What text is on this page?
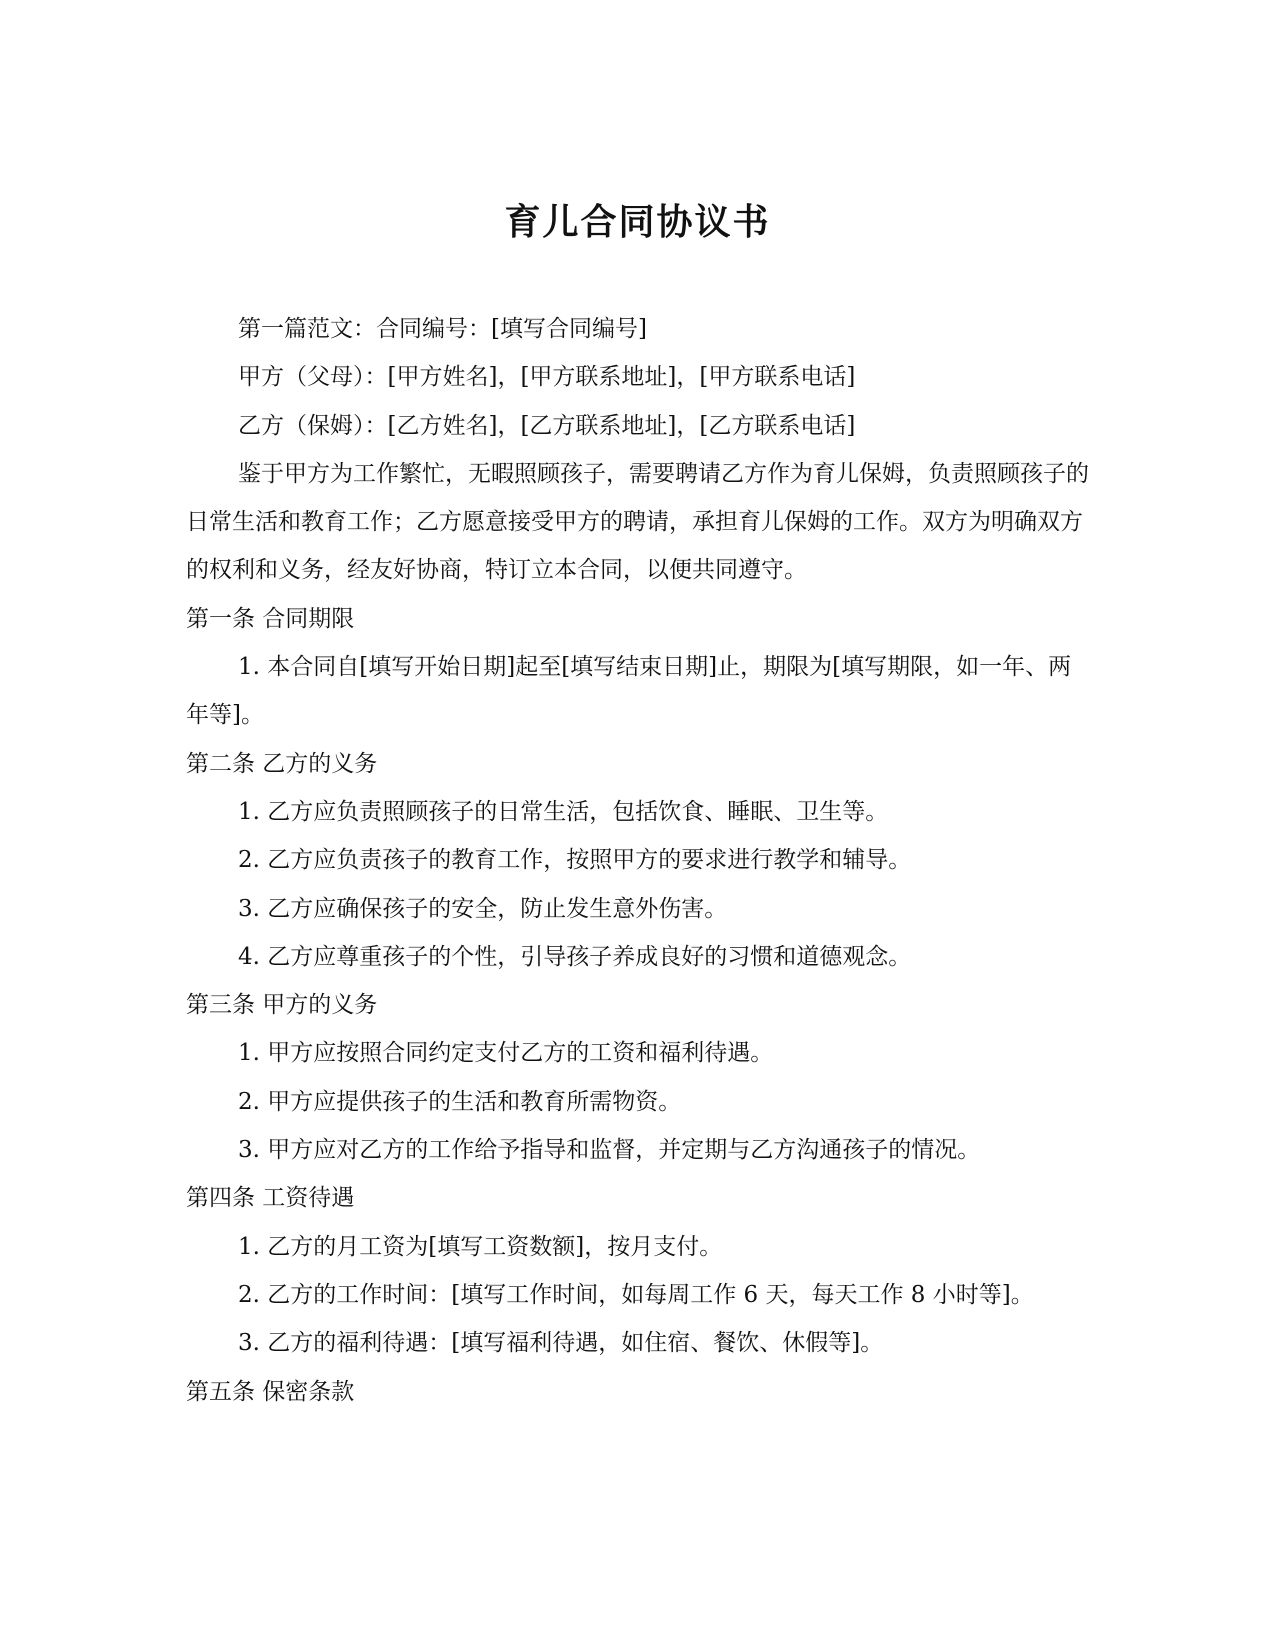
育儿合同协议书

第一篇范文：合同编号：[填写合同编号]

甲方（父母）：[甲方姓名]，[甲方联系地址]，[甲方联系电话]

乙方（保姆）：[乙方姓名]，[乙方联系地址]，[乙方联系电话]

鉴于甲方为工作繁忙，无暇照顾孩子，需要聘请乙方作为育儿保姆，负责照顾孩子的日常生活和教育工作；乙方愿意接受甲方的聘请，承担育儿保姆的工作。双方为明确双方的权利和义务，经友好协商，特订立本合同，以便共同遵守。

第一条 合同期限

1. 本合同自[填写开始日期]起至[填写结束日期]止，期限为[填写期限，如一年、两年等]。

第二条 乙方的义务

1. 乙方应负责照顾孩子的日常生活，包括饮食、睡眠、卫生等。

2. 乙方应负责孩子的教育工作，按照甲方的要求进行教学和辅导。

3. 乙方应确保孩子的安全，防止发生意外伤害。

4. 乙方应尊重孩子的个性，引导孩子养成良好的习惯和道德观念。

第三条 甲方的义务

1. 甲方应按照合同约定支付乙方的工资和福利待遇。

2. 甲方应提供孩子的生活和教育所需物资。

3. 甲方应对乙方的工作给予指导和监督，并定期与乙方沟通孩子的情况。

第四条 工资待遇

1. 乙方的月工资为[填写工资数额]，按月支付。

2. 乙方的工作时间：[填写工作时间，如每周工作 6 天，每天工作 8 小时等]。

3. 乙方的福利待遇：[填写福利待遇，如住宿、餐饮、休假等]。

第五条 保密条款
